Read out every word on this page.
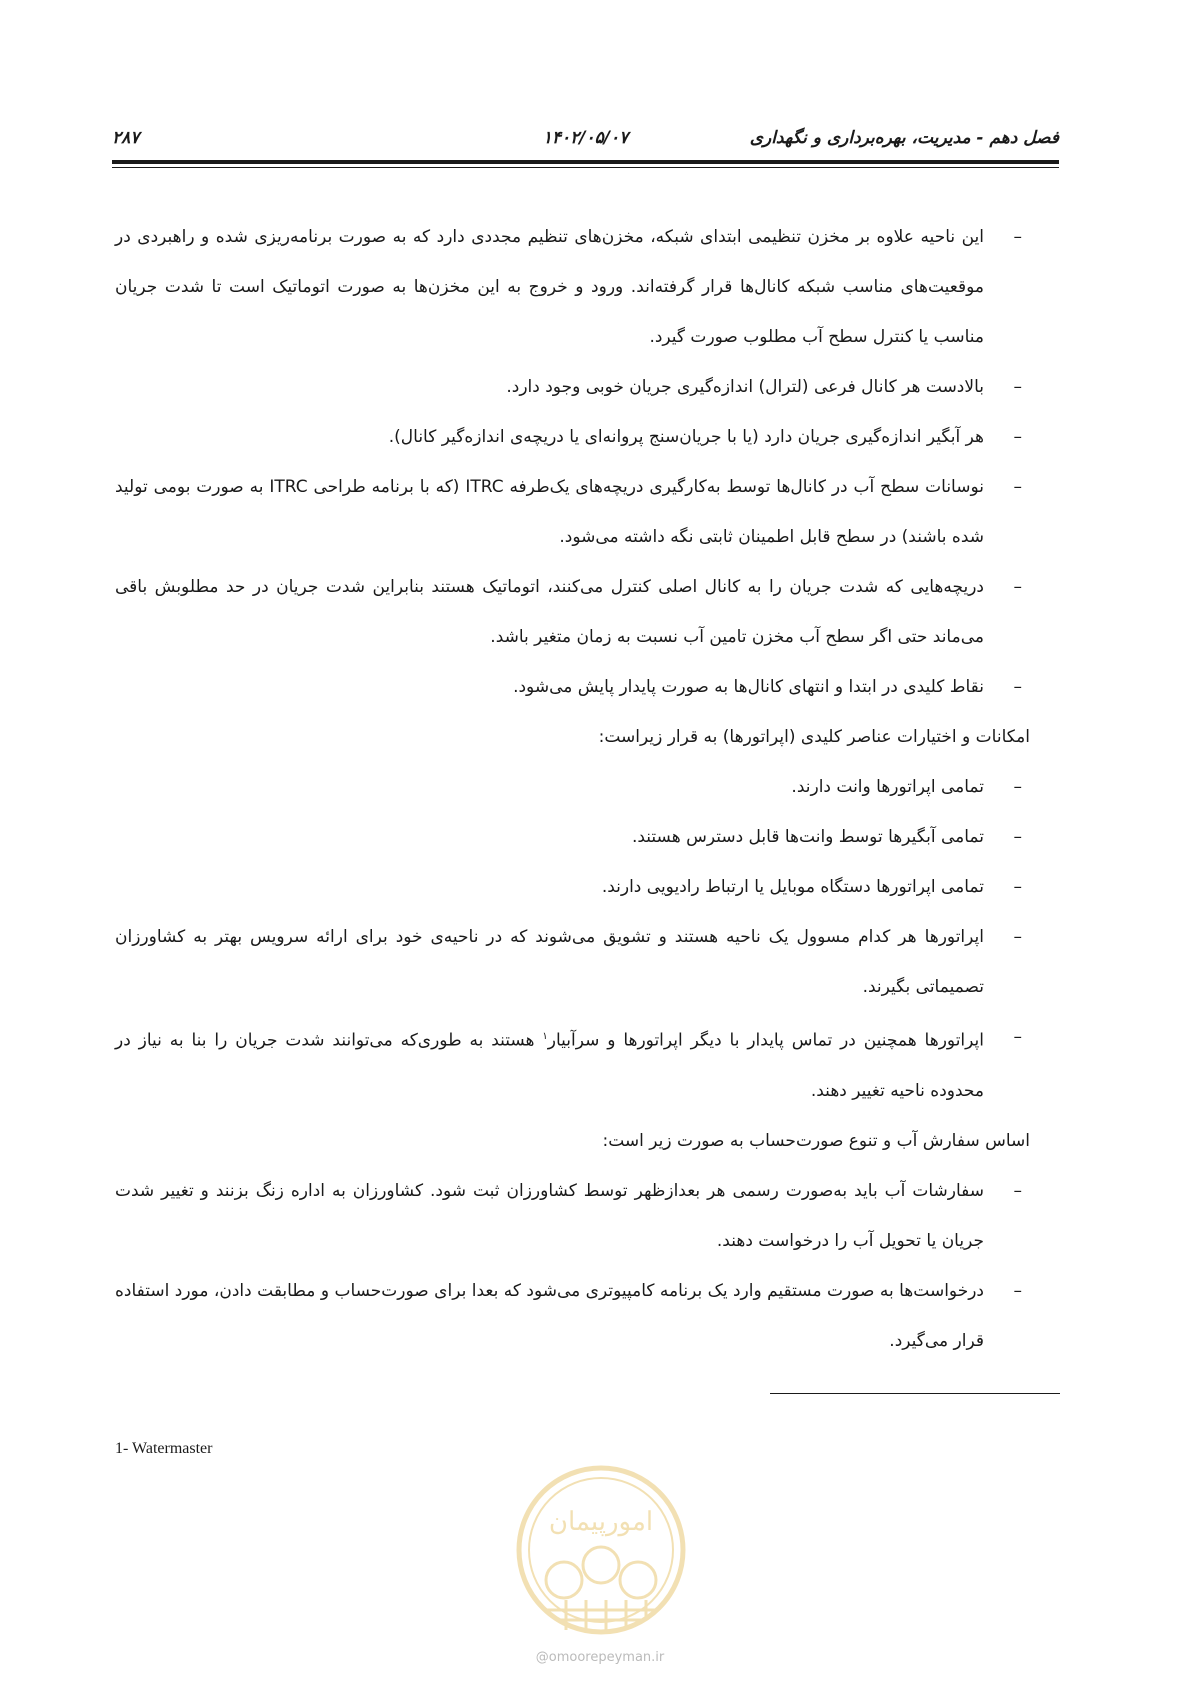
فصل دهم - مدیریت، بهره‌برداری و نگهداری
۱۴۰۲/۰۵/۰۷
۲۸۷
–
این ناحیه علاوه بر مخزن تنظیمی ابتدای شبکه، مخزن‌های تنظیم مجددی دارد که به صورت برنامه‌ریزی شده و راهبردی در موقعیت‌های مناسب شبکه کانال‌ها قرار گرفته‌اند. ورود و خروج به این مخزن‌ها به صورت اتوماتیک است تا شدت جریان مناسب یا کنترل سطح آب مطلوب صورت گیرد.
–
بالادست هر کانال فرعی (لترال) اندازه‌گیری جریان خوبی وجود دارد.
–
هر آبگیر اندازه‌گیری جریان دارد (یا با جریان‌سنج پروانه‌ای یا دریچه‌ی اندازه‌گیر کانال).
–
نوسانات سطح آب در کانال‌ها توسط به‌کارگیری دریچه‌های یک‌طرفه ITRC (که با برنامه طراحی ITRC به صورت بومی تولید شده باشند) در سطح قابل اطمینان ثابتی نگه داشته می‌شود.
–
دریچه‌هایی که شدت جریان را به کانال اصلی کنترل می‌کنند، اتوماتیک هستند بنابراین شدت جریان در حد مطلوبش باقی می‌ماند حتی اگر سطح آب مخزن تامین آب نسبت به زمان متغیر باشد.
–
نقاط کلیدی در ابتدا و انتهای کانال‌ها به صورت پایدار پایش می‌شود.
امکانات و اختیارات عناصر کلیدی (اپراتورها) به قرار زیراست:
–
تمامی اپراتورها وانت دارند.
–
تمامی آبگیرها توسط وانت‌ها قابل دسترس هستند.
–
تمامی اپراتورها دستگاه موبایل یا ارتباط رادیویی دارند.
–
اپراتورها هر کدام مسوول یک ناحیه هستند و تشویق می‌شوند که در ناحیه‌ی خود برای ارائه سرویس بهتر به کشاورزان تصمیماتی بگیرند.
–
اپراتورها همچنین در تماس پایدار با دیگر اپراتورها و سرآبیار$^۱$ هستند به طوری‌که می‌توانند شدت جریان را بنا به نیاز در محدوده ناحیه تغییر دهند.
اساس سفارش آب و تنوع صورت‌حساب به صورت زیر است:
–
سفارشات آب باید به‌صورت رسمی هر بعدازظهر توسط کشاورزان ثبت شود. کشاورزان به اداره زنگ بزنند و تغییر شدت جریان یا تحویل آب را درخواست دهند.
–
درخواست‌ها به صورت مستقیم وارد یک برنامه کامپیوتری می‌شود که بعدا برای صورت‌حساب و مطابقت دادن، مورد استفاده قرار می‌گیرد.
1- Watermaster
امورپیمان
@omoorepeyman.ir
